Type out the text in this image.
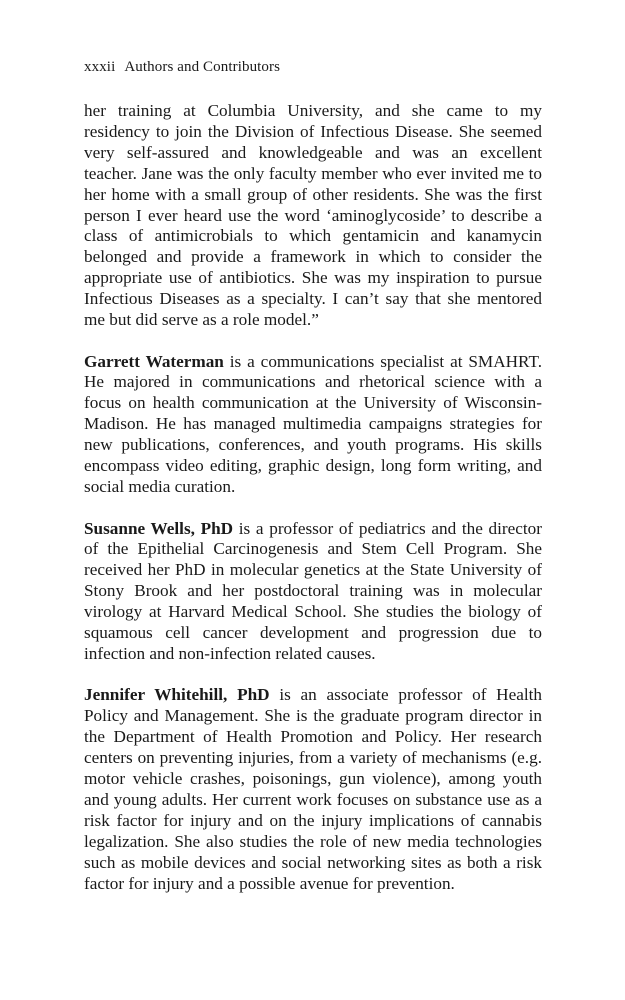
xxxii Authors and Contributors

her training at Columbia University, and she came to my residency to join the Division of Infectious Disease. She seemed very self-assured and knowledgeable and was an excellent teacher. Jane was the only faculty member who ever invited me to her home with a small group of other residents. She was the first person I ever heard use the word ‘aminoglycoside’ to describe a class of antimicrobials to which gentamicin and kanamycin belonged and provide a framework in which to consider the appropriate use of antibiotics. She was my inspiration to pursue Infectious Diseases as a specialty. I can’t say that she mentored me but did serve as a role model.”

Garrett Waterman is a communications specialist at SMAHRT. He majored in communications and rhetorical science with a focus on health communication at the University of Wisconsin-Madison. He has managed multimedia campaigns strategies for new publications, conferences, and youth programs. His skills encompass video editing, graphic design, long form writing, and social media curation.

Susanne Wells, PhD is a professor of pediatrics and the director of the Epithelial Carcinogenesis and Stem Cell Program. She received her PhD in molecular genetics at the State University of Stony Brook and her postdoctoral training was in molecular virology at Harvard Medical School. She studies the biology of squamous cell cancer development and progression due to infection and non-infection related causes.

Jennifer Whitehill, PhD is an associate professor of Health Policy and Management. She is the graduate program director in the Department of Health Promotion and Policy. Her research centers on preventing injuries, from a variety of mechanisms (e.g. motor vehicle crashes, poisonings, gun violence), among youth and young adults. Her current work focuses on substance use as a risk factor for injury and on the injury implications of cannabis legalization. She also studies the role of new media technologies such as mobile devices and social networking sites as both a risk factor for injury and a possible avenue for prevention.
